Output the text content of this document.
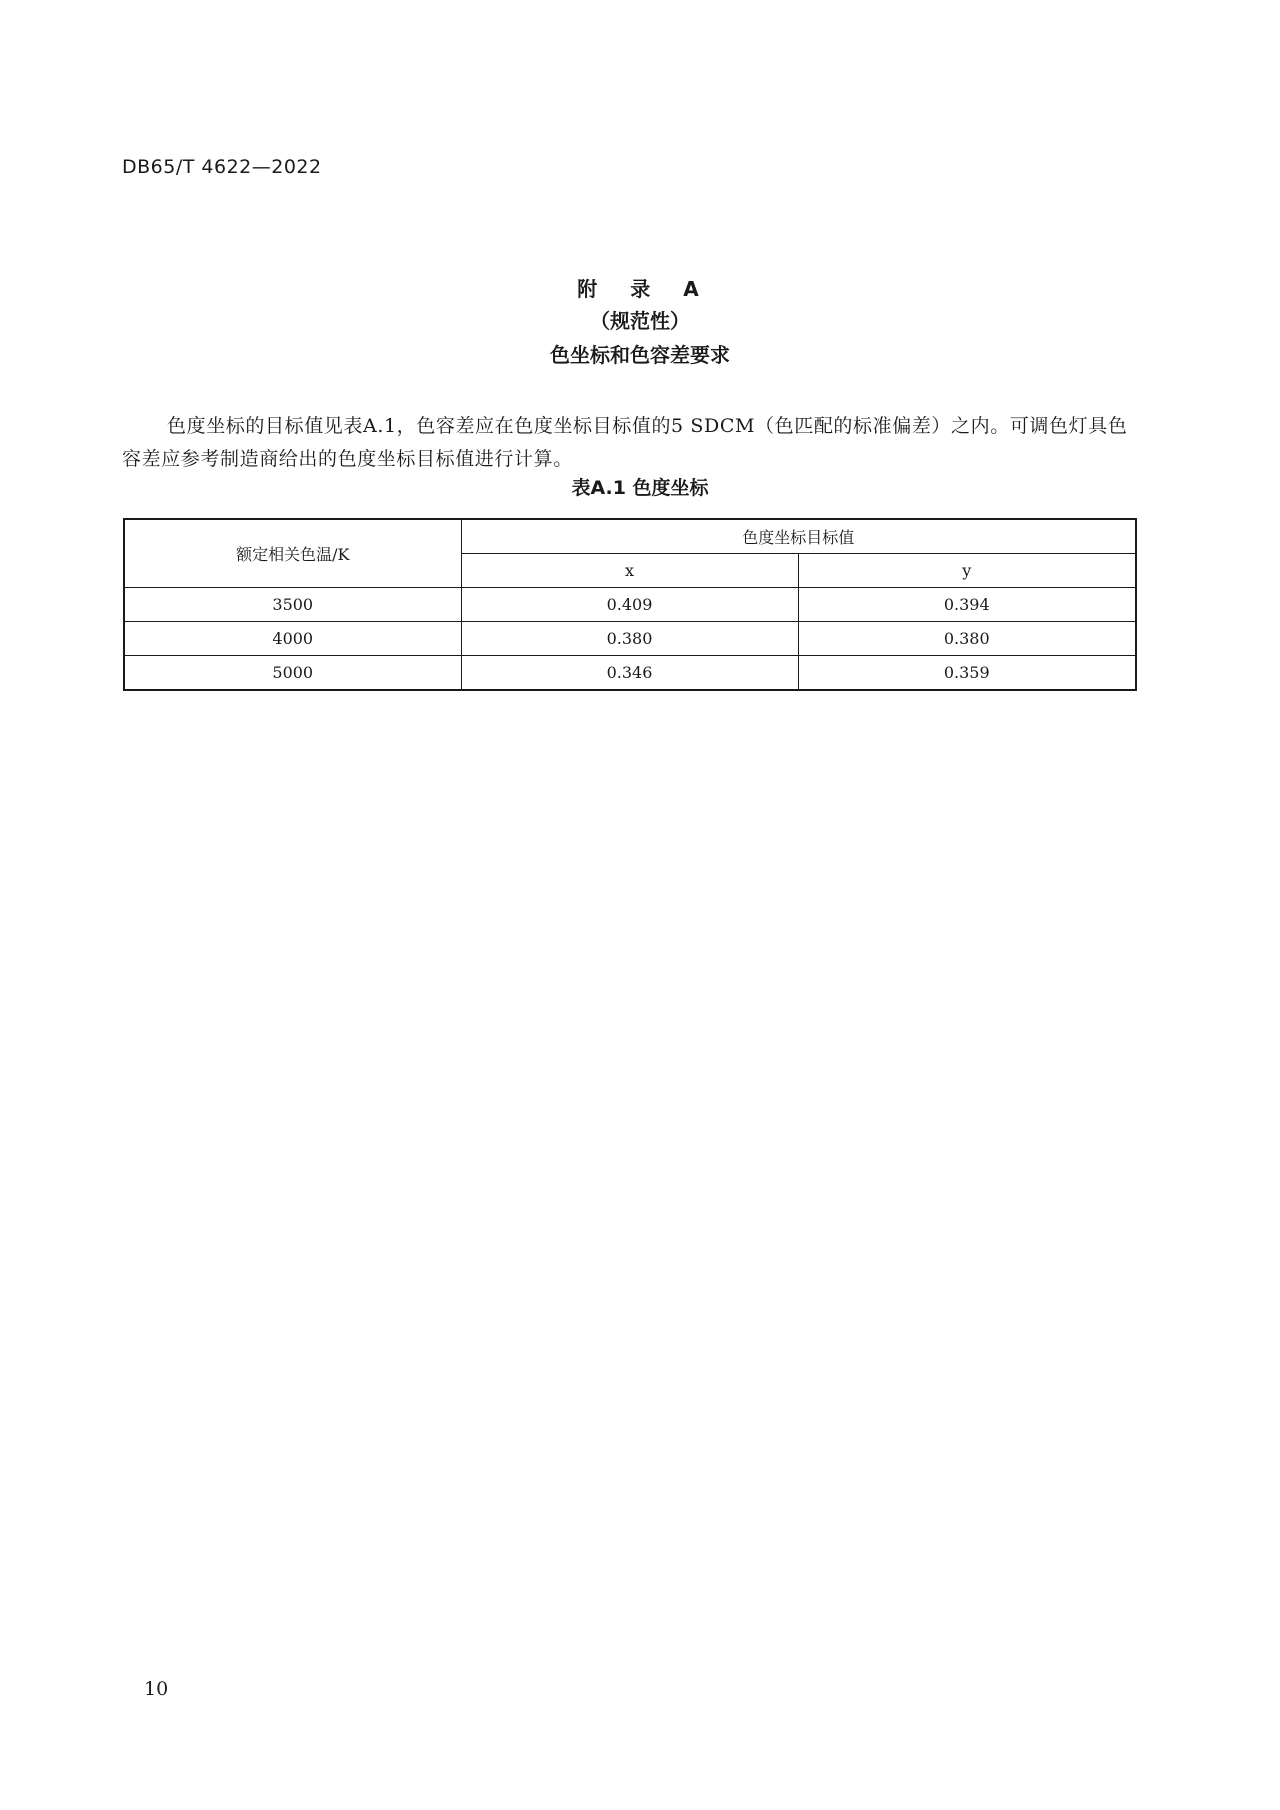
DB65/T 4622—2022
附 录 A
（规范性）
色坐标和色容差要求

色度坐标的目标值见表A.1，色容差应在色度坐标目标值的5 SDCM（色匹配的标准偏差）之内。可调色灯具色容差应参考制造商给出的色度坐标目标值进行计算。

表A.1 色度坐标
额定相关色温/K	色度坐标目标值	
	x	y
3500	0.409	0.394
4000	0.380	0.380
5000	0.346	0.359
10
